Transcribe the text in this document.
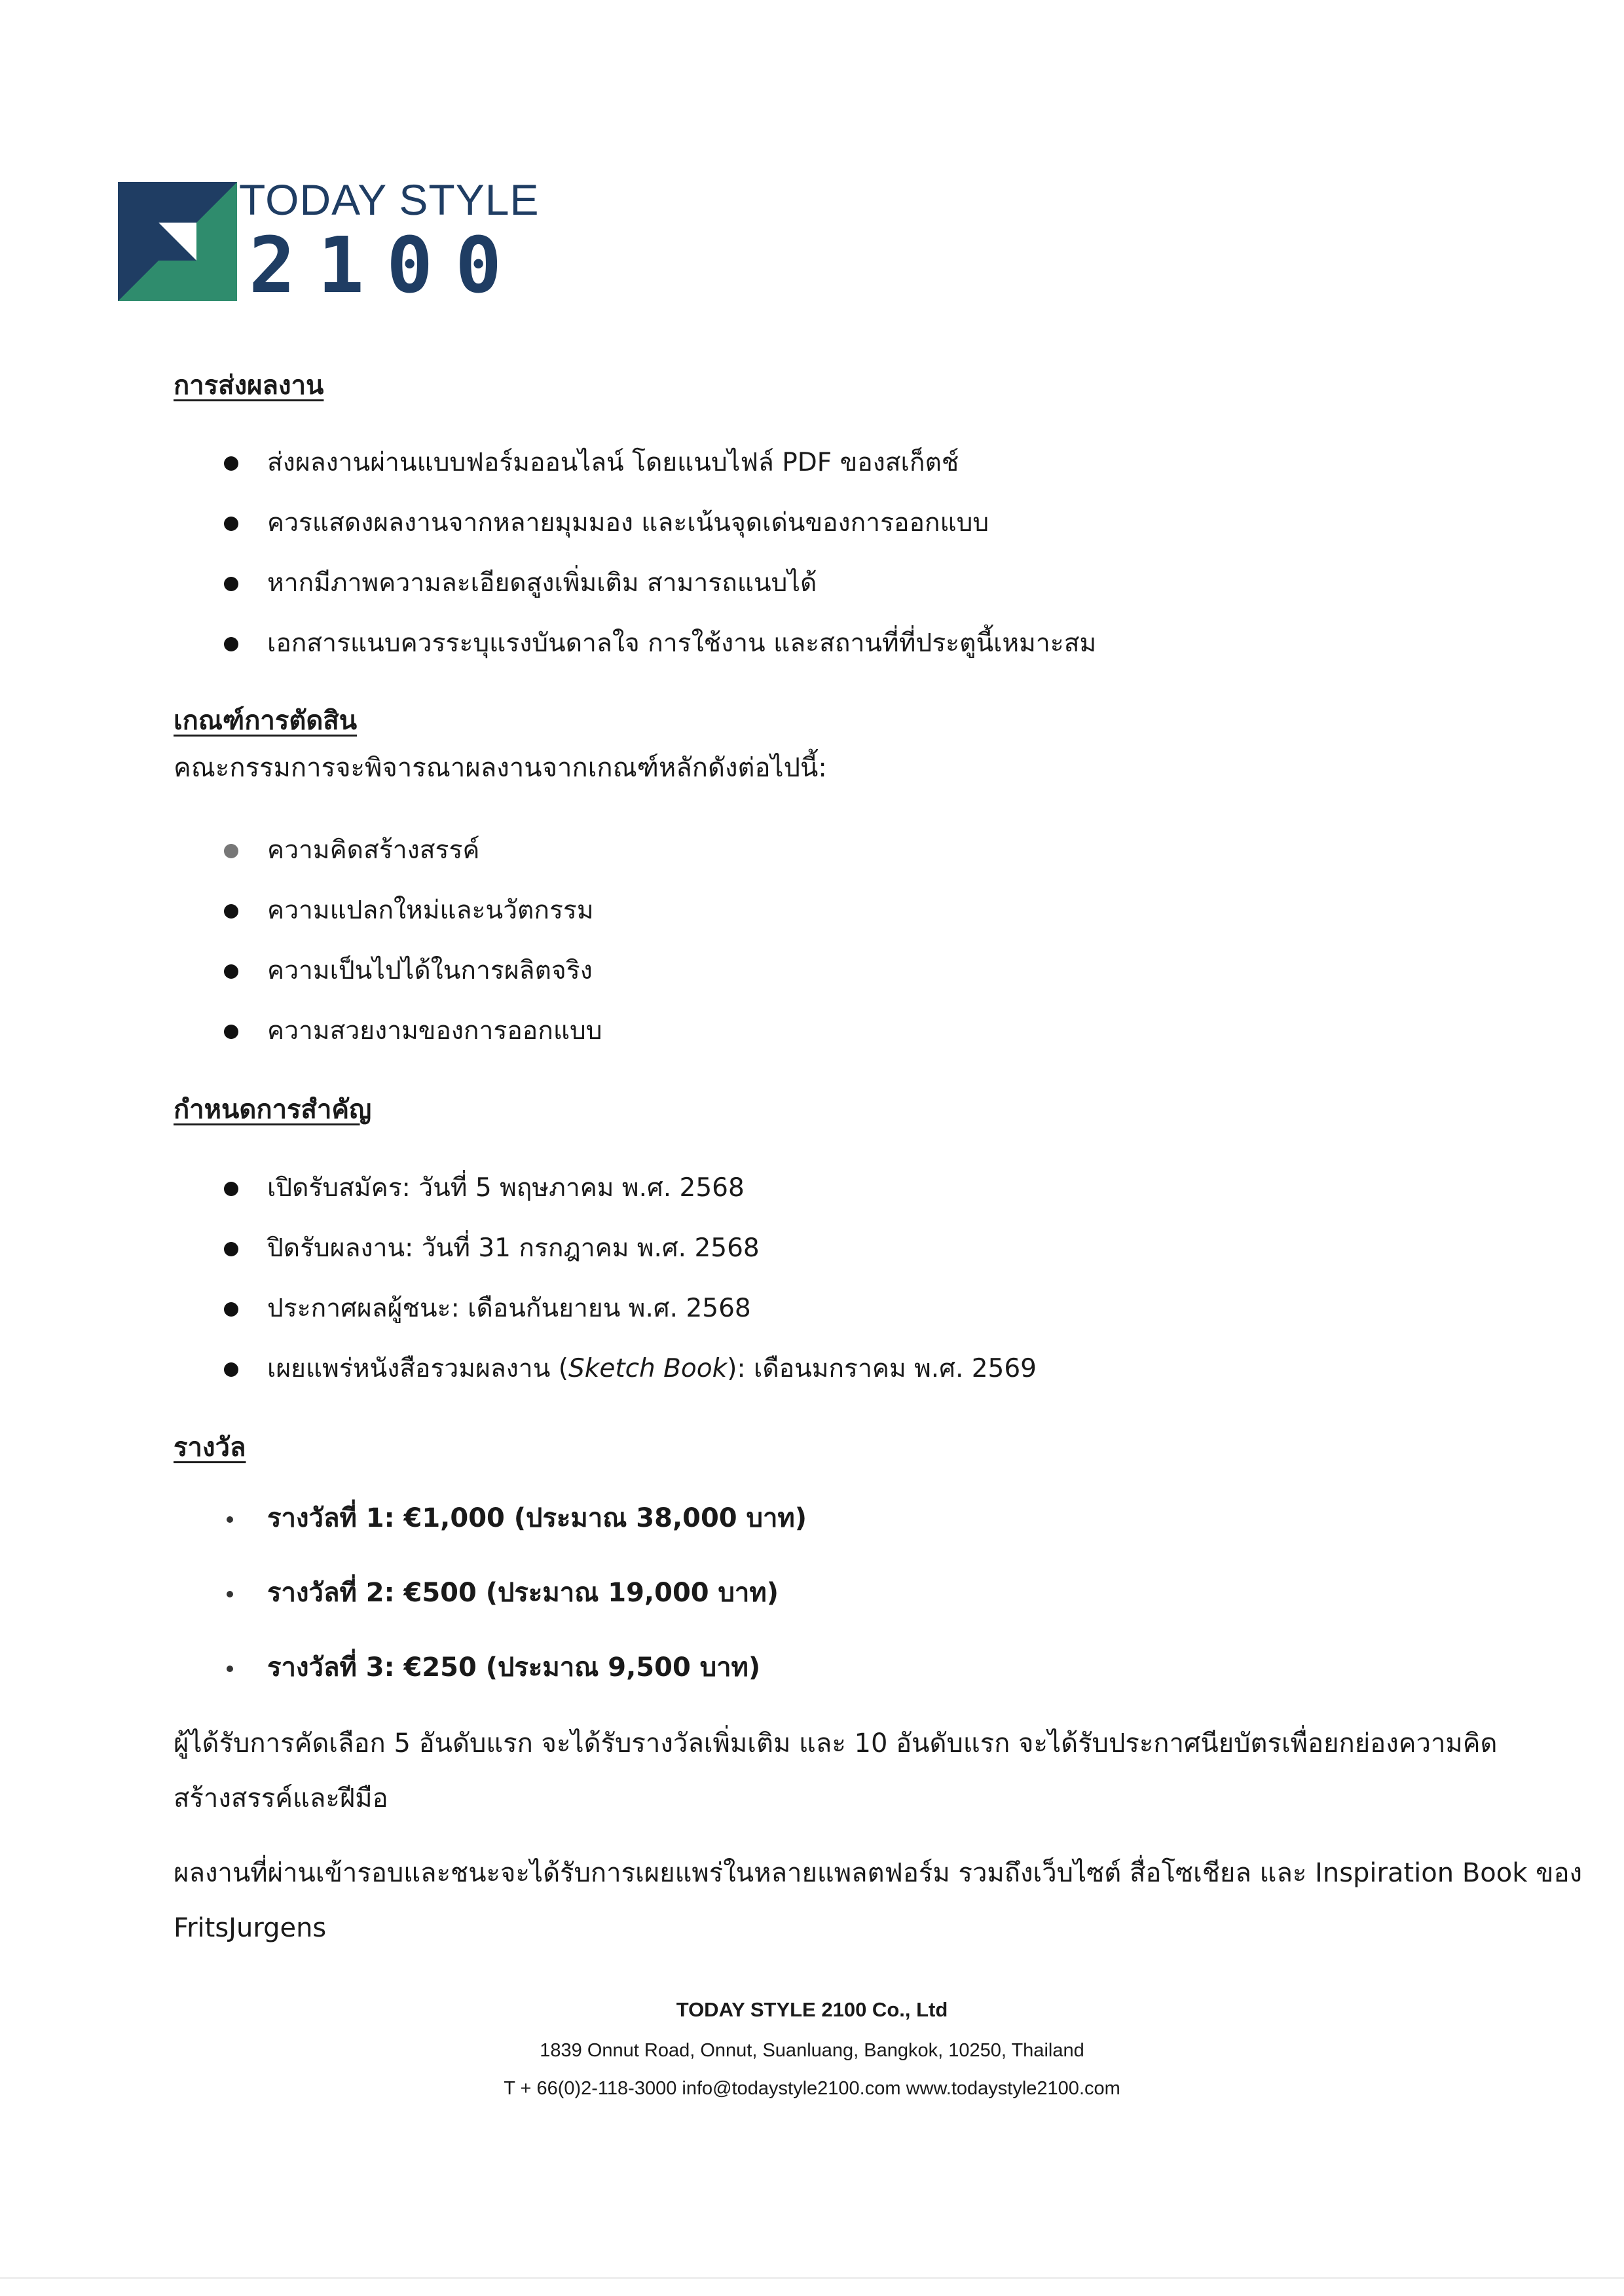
TODAY STYLE
2100
การส่งผลงาน
ส่งผลงานผ่านแบบฟอร์มออนไลน์ โดยแนบไฟล์ PDF ของสเก็ตช์
ควรแสดงผลงานจากหลายมุมมอง และเน้นจุดเด่นของการออกแบบ
หากมีภาพความละเอียดสูงเพิ่มเติม สามารถแนบได้
เอกสารแนบควรระบุแรงบันดาลใจ การใช้งาน และสถานที่ที่ประตูนี้เหมาะสม
เกณฑ์การตัดสิน

คณะกรรมการจะพิจารณาผลงานจากเกณฑ์หลักดังต่อไปนี้:

ความคิดสร้างสรรค์
ความแปลกใหม่และนวัตกรรม
ความเป็นไปได้ในการผลิตจริง
ความสวยงามของการออกแบบ
กำหนดการสำคัญ
เปิดรับสมัคร: วันที่ 5 พฤษภาคม พ.ศ. 2568
ปิดรับผลงาน: วันที่ 31 กรกฎาคม พ.ศ. 2568
ประกาศผลผู้ชนะ: เดือนกันยายน พ.ศ. 2568
เผยแพร่หนังสือรวมผลงาน (Sketch Book): เดือนมกราคม พ.ศ. 2569
รางวัล
รางวัลที่ 1: €1,000 (ประมาณ 38,000 บาท)
รางวัลที่ 2: €500 (ประมาณ 19,000 บาท)
รางวัลที่ 3: €250 (ประมาณ 9,500 บาท)

ผู้ได้รับการคัดเลือก 5 อันดับแรก จะได้รับรางวัลเพิ่มเติม และ 10 อันดับแรก จะได้รับประกาศนียบัตรเพื่อยกย่องความคิด

สร้างสรรค์และฝีมือ

ผลงานที่ผ่านเข้ารอบและชนะจะได้รับการเผยแพร่ในหลายแพลตฟอร์ม รวมถึงเว็บไซต์ สื่อโซเชียล และ Inspiration Book ของ

FritsJurgens

TODAY STYLE 2100 Co., Ltd
1839 Onnut Road, Onnut, Suanluang, Bangkok, 10250, Thailand
T + 66(0)2-118-3000 info@todaystyle2100.com www.todaystyle2100.com
